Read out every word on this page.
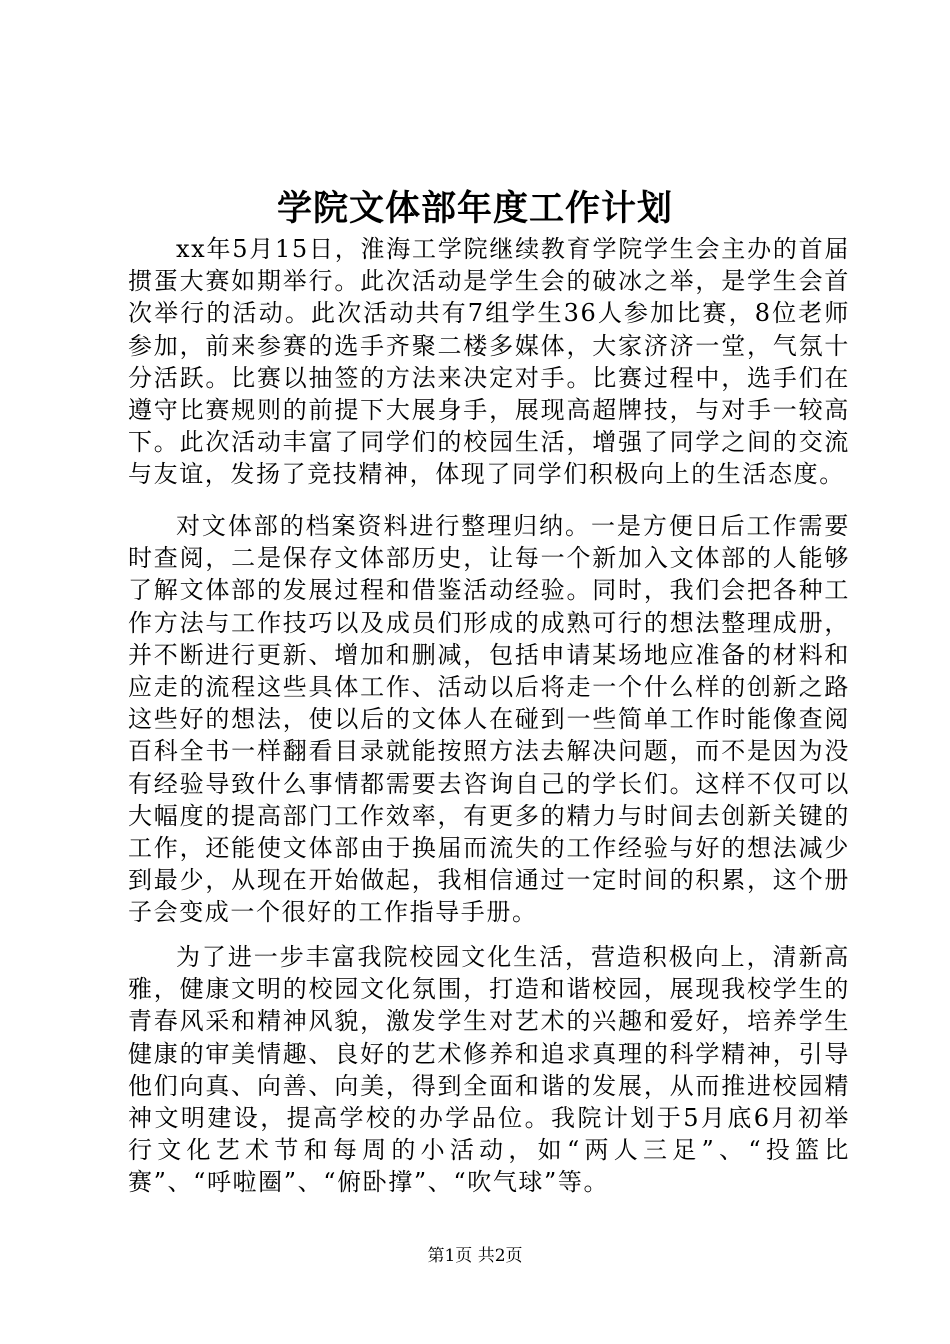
学院文体部年度工作计划

xx年5月15日，淮海工学院继续教育学院学生会主办的首届掼蛋大赛如期举行。此次活动是学生会的破冰之举，是学生会首次举行的活动。此次活动共有7组学生36人参加比赛，8位老师参加，前来参赛的选手齐聚二楼多媒体，大家济济一堂，气氛十分活跃。比赛以抽签的方法来决定对手。比赛过程中，选手们在遵守比赛规则的前提下大展身手，展现高超牌技，与对手一较高下。此次活动丰富了同学们的校园生活，增强了同学之间的交流与友谊，发扬了竞技精神，体现了同学们积极向上的生活态度。

对文体部的档案资料进行整理归纳。一是方便日后工作需要时查阅，二是保存文体部历史，让每一个新加入文体部的人能够了解文体部的发展过程和借鉴活动经验。同时，我们会把各种工作方法与工作技巧以及成员们形成的成熟可行的想法整理成册，并不断进行更新、增加和删减，包括申请某场地应准备的材料和应走的流程这些具体工作、活动以后将走一个什么样的创新之路这些好的想法，使以后的文体人在碰到一些简单工作时能像查阅百科全书一样翻看目录就能按照方法去解决问题，而不是因为没有经验导致什么事情都需要去咨询自己的学长们。这样不仅可以大幅度的提高部门工作效率，有更多的精力与时间去创新关键的工作，还能使文体部由于换届而流失的工作经验与好的想法减少到最少，从现在开始做起，我相信通过一定时间的积累，这个册子会变成一个很好的工作指导手册。

为了进一步丰富我院校园文化生活，营造积极向上，清新高雅，健康文明的校园文化氛围，打造和谐校园，展现我校学生的青春风采和精神风貌，激发学生对艺术的兴趣和爱好，培养学生健康的审美情趣、良好的艺术修养和追求真理的科学精神，引导他们向真、向善、向美，得到全面和谐的发展，从而推进校园精神文明建设，提高学校的办学品位。我院计划于5月底6月初举行文化艺术节和每周的小活动，如“两人三足”、“投篮比赛”、“呼啦圈”、“俯卧撑”、“吹气球”等。

第1页 共2页
